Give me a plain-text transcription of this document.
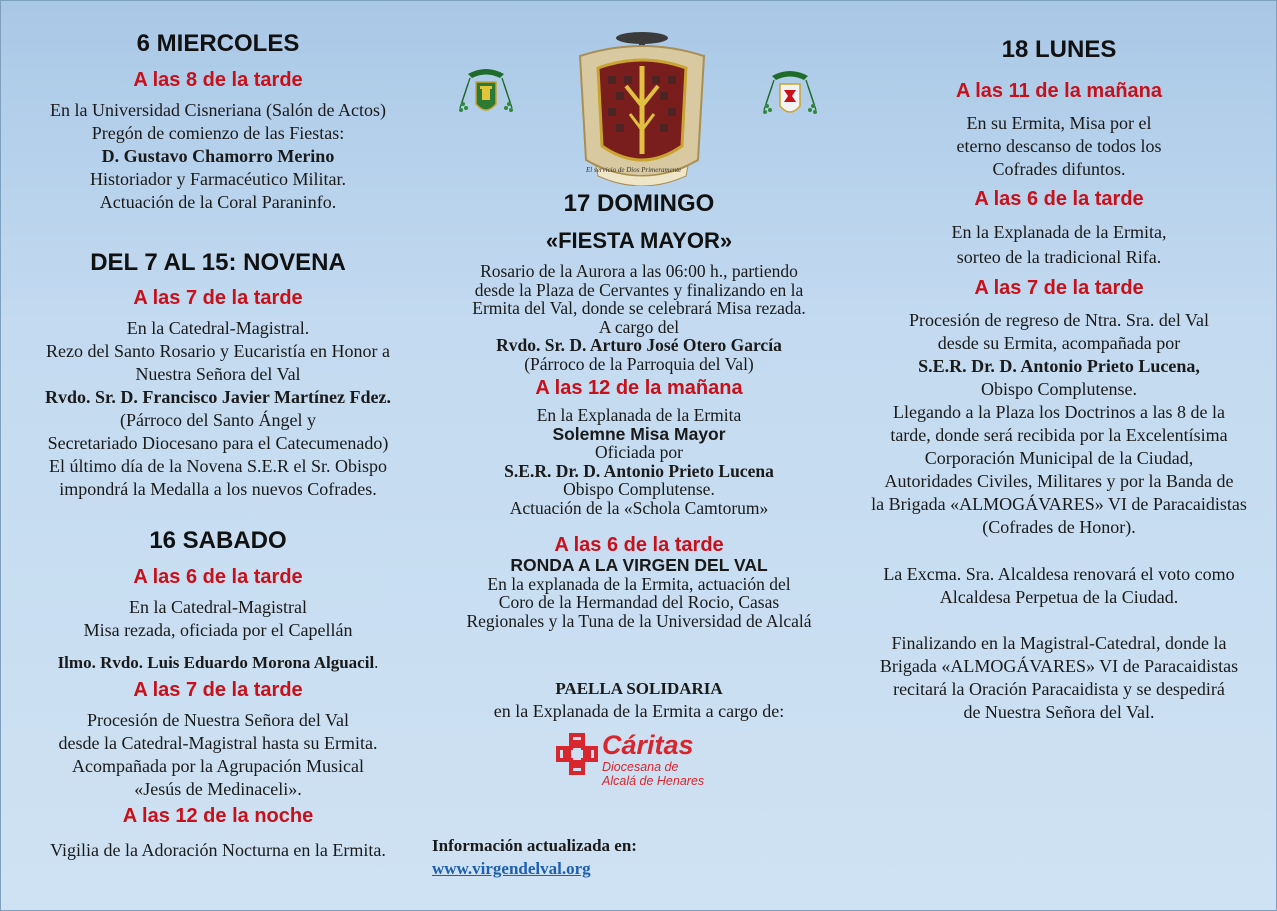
6 MIERCOLES
A las 8 de la tarde
En la Universidad Cisneriana (Salón de Actos)
Pregón de comienzo de las Fiestas:
D. Gustavo Chamorro Merino
Historiador y Farmacéutico Militar.
Actuación de la Coral Paraninfo.
DEL 7 AL 15: NOVENA
A las 7 de la tarde
En la Catedral-Magistral.
Rezo del Santo Rosario y Eucaristía en Honor a
Nuestra Señora del Val
Rvdo. Sr. D. Francisco Javier Martínez Fdez.
(Párroco del Santo Ángel y
Secretariado Diocesano para el Catecumenado)
El último día de la Novena S.E.R el Sr. Obispo
impondrá la Medalla a los nuevos Cofrades.
16 SABADO
A las 6 de la tarde
En la Catedral-Magistral
Misa rezada, oficiada por el Capellán
Ilmo. Rvdo. Luis Eduardo Morona Alguacil.
A las 7 de la tarde
Procesión de Nuestra Señora del Val
desde la Catedral-Magistral hasta su Ermita.
Acompañada por la Agrupación Musical
«Jesús de Medinaceli».
A las 12 de la noche
Vigilia de la Adoración Nocturna en la Ermita.
El servicio de Dios Primeramente
17 DOMINGO
«FIESTA MAYOR»
Rosario de la Aurora a las 06:00 h., partiendo
desde la Plaza de Cervantes y finalizando en la
Ermita del Val, donde se celebrará Misa rezada.
A cargo del
Rvdo. Sr. D. Arturo José Otero García
(Párroco de la Parroquia del Val)
A las 12 de la mañana
En la Explanada de la Ermita
Solemne Misa Mayor
Oficiada por
S.E.R. Dr. D. Antonio Prieto Lucena
Obispo Complutense.
Actuación de la «Schola Camtorum»
A las 6 de la tarde
RONDA A LA VIRGEN DEL VAL
En la explanada de la Ermita, actuación del
Coro de la Hermandad del Rocio, Casas
Regionales y la Tuna de la Universidad de Alcalá
PAELLA SOLIDARIA
en la Explanada de la Ermita a cargo de:
Cáritas
Diocesana de
Alcalá de Henares
Información actualizada en:
www.virgendelval.org
18 LUNES
A las 11 de la mañana
En su Ermita, Misa por el
eterno descanso de todos los
Cofrades difuntos.
A las 6 de la tarde
En la Explanada de la Ermita,
sorteo de la tradicional Rifa.
A las 7 de la tarde
Procesión de regreso de Ntra. Sra. del Val
desde su Ermita, acompañada por
S.E.R. Dr. D. Antonio Prieto Lucena,
Obispo Complutense.
Llegando a la Plaza los Doctrinos a las 8 de la
tarde, donde será recibida por la Excelentísima
Corporación Municipal de la Ciudad,
Autoridades Civiles, Militares y por la Banda de
la Brigada «ALMOGÁVARES» VI de Paracaidistas
(Cofrades de Honor).
La Excma. Sra. Alcaldesa renovará el voto como
Alcaldesa Perpetua de la Ciudad.
Finalizando en la Magistral-Catedral, donde la
Brigada «ALMOGÁVARES» VI de Paracaidistas
recitará la Oración Paracaidista y se despedirá
de Nuestra Señora del Val.
